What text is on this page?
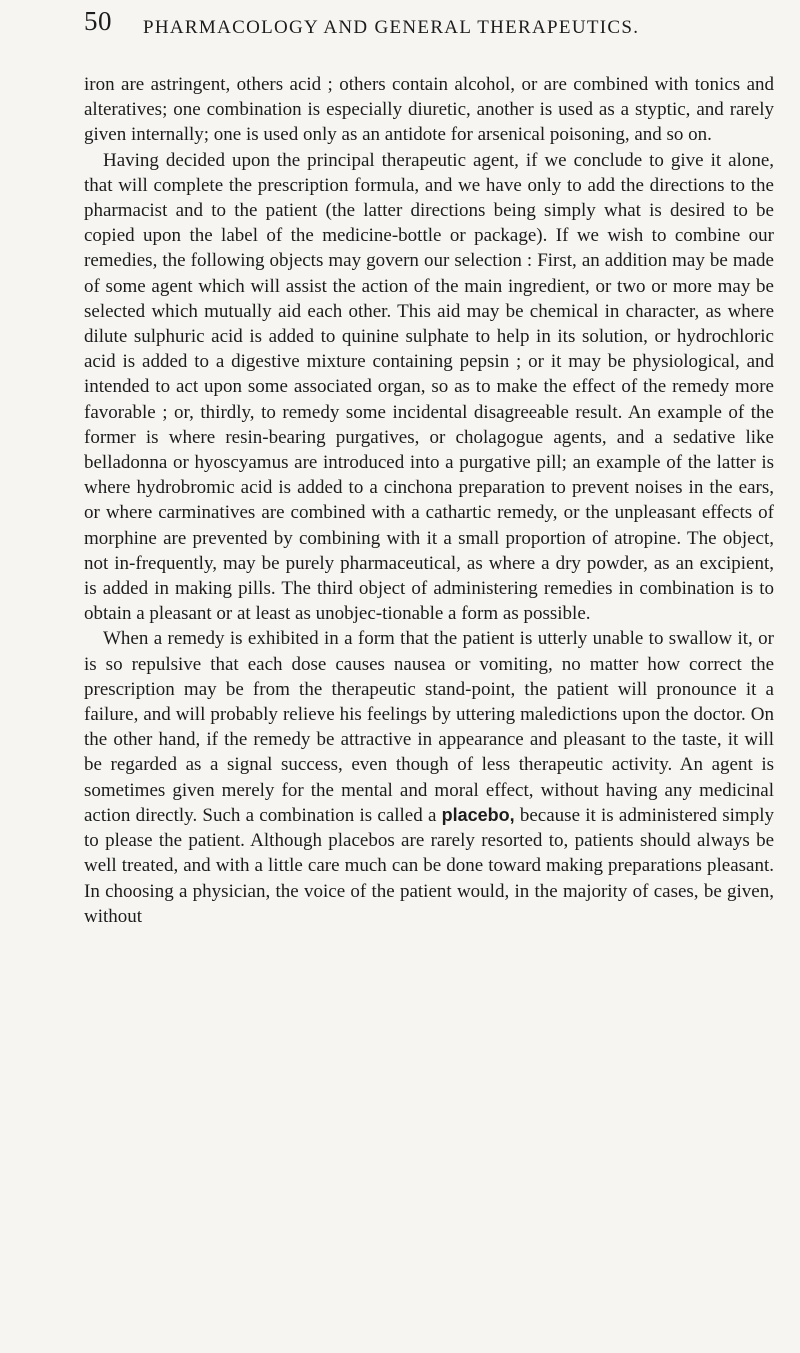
50 PHARMACOLOGY AND GENERAL THERAPEUTICS.

iron are astringent, others acid ; others contain alcohol, or are combined with tonics and alteratives; one combination is especially diuretic, another is used as a styptic, and rarely given internally; one is used only as an antidote for arsenical poisoning, and so on.

Having decided upon the principal therapeutic agent, if we conclude to give it alone, that will complete the prescription formula, and we have only to add the directions to the pharmacist and to the patient (the latter directions being simply what is desired to be copied upon the label of the medicine-bottle or package). If we wish to combine our remedies, the following objects may govern our selection : First, an addition may be made of some agent which will assist the action of the main ingredient, or two or more may be selected which mutually aid each other. This aid may be chemical in character, as where dilute sulphuric acid is added to quinine sulphate to help in its solution, or hydrochloric acid is added to a digestive mixture containing pepsin ; or it may be physiological, and intended to act upon some associated organ, so as to make the effect of the remedy more favorable ; or, thirdly, to remedy some incidental disagreeable result. An example of the former is where resin-bearing purgatives, or cholagogue agents, and a sedative like belladonna or hyoscyamus are introduced into a purgative pill; an example of the latter is where hydrobromic acid is added to a cinchona preparation to prevent noises in the ears, or where carminatives are combined with a cathartic remedy, or the unpleasant effects of morphine are prevented by combining with it a small proportion of atropine. The object, not in-frequently, may be purely pharmaceutical, as where a dry powder, as an excipient, is added in making pills. The third object of administering remedies in combination is to obtain a pleasant or at least as unobjec-tionable a form as possible.

When a remedy is exhibited in a form that the patient is utterly unable to swallow it, or is so repulsive that each dose causes nausea or vomiting, no matter how correct the prescription may be from the therapeutic stand-point, the patient will pronounce it a failure, and will probably relieve his feelings by uttering maledictions upon the doctor. On the other hand, if the remedy be attractive in appearance and pleasant to the taste, it will be regarded as a signal success, even though of less therapeutic activity. An agent is sometimes given merely for the mental and moral effect, without having any medicinal action directly. Such a combination is called a placebo, because it is administered simply to please the patient. Although placebos are rarely resorted to, patients should always be well treated, and with a little care much can be done toward making preparations pleasant. In choosing a physician, the voice of the patient would, in the majority of cases, be given, without
